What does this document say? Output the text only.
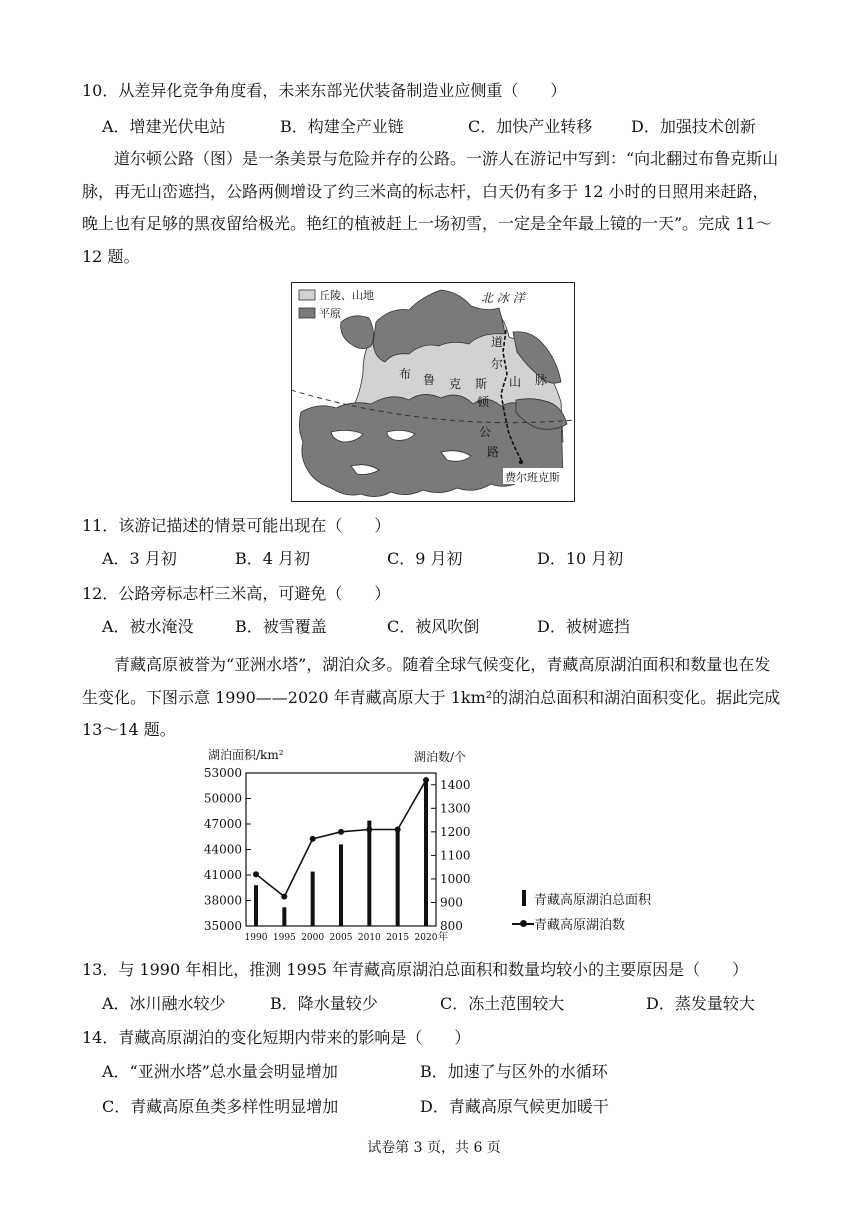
10．从差异化竞争角度看，未来东部光伏装备制造业应侧重（　　）
A．增建光伏电站	B．构建全产业链	C．加快产业转移 D．加强技术创新
道尔顿公路（图）是一条美景与危险并存的公路。一游人在游记中写到：“向北翻过布鲁克斯山脉，再无山峦遮挡，公路两侧增设了约三米高的标志杆，白天仍有多于 12 小时的日照用来赶路，晚上也有足够的黑夜留给极光。艳红的植被赶上一场初雪，一定是全年最上镜的一天”。完成 11～12 题。
丘陵、山地
平原
北 冰 洋
布 鲁 克 斯 山 脉
道
尔
顿
公
路
费尔班克斯
11．该游记描述的情景可能出现在（　　）
A．3 月初	B．4 月初	C．9 月初	D．10 月初
12．公路旁标志杆三米高，可避免（　　）
A．被水淹没	B．被雪覆盖	C．被风吹倒	D．被树遮挡
青藏高原被誉为“亚洲水塔”，湖泊众多。随着全球气候变化，青藏高原湖泊面积和数量也在发生变化。下图示意 1990——2020 年青藏高原大于 1km²的湖泊总面积和湖泊面积变化。据此完成 13～14 题。
湖泊面积/km²	湖泊数/个
35000
38000
41000
44000
47000
50000
53000
800
900
1000
1100
1200
1300
1400
1990 1995 2000 2005 2010 2015 2020 年
青藏高原湖泊总面积
青藏高原湖泊数
13．与 1990 年相比，推测 1995 年青藏高原湖泊总面积和数量均较小的主要原因是（　　）
A．冰川融水较少	B．降水量较少	C．冻土范围较大	D．蒸发量较大
14．青藏高原湖泊的变化短期内带来的影响是（　　）
A．“亚洲水塔”总水量会明显增加	B．加速了与区外的水循环
C．青藏高原鱼类多样性明显增加	D．青藏高原气候更加暖干
试卷第 3 页，共 6 页
